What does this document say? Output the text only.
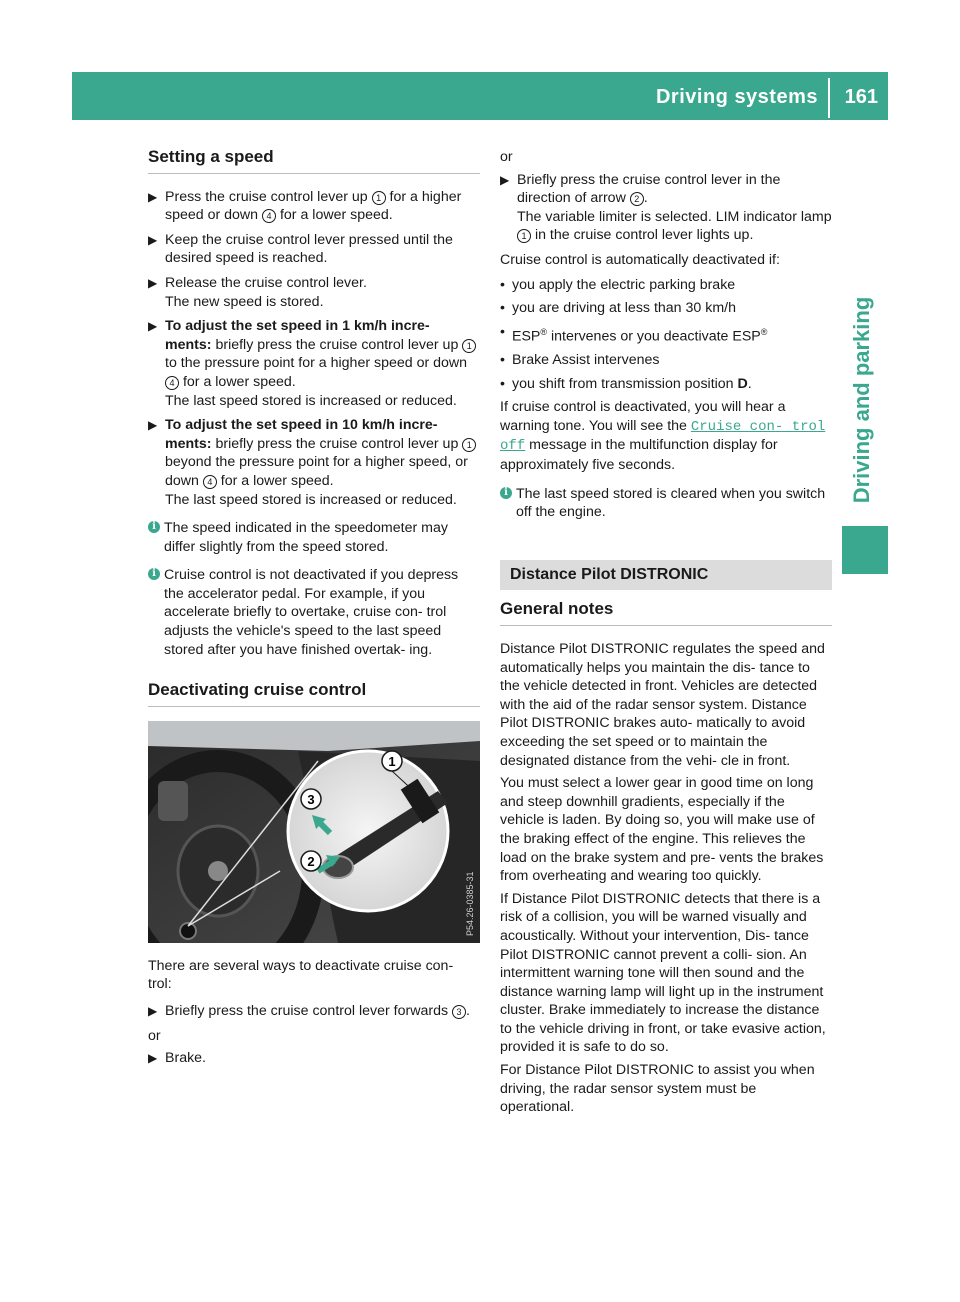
Driving systems 161
Driving and parking
Setting a speed
▶ Press the cruise control lever up 1 for a higher speed or down 4 for a lower speed.
▶ Keep the cruise control lever pressed until the desired speed is reached.
▶ Release the cruise control lever.
The new speed is stored.
▶ To adjust the set speed in 1 km/h incre- ments: briefly press the cruise control lever up 1 to the pressure point for a higher speed or down 4 for a lower speed.
The last speed stored is increased or reduced.
▶ To adjust the set speed in 10 km/h incre- ments: briefly press the cruise control lever up 1 beyond the pressure point for a higher speed, or down 4 for a lower speed.
The last speed stored is increased or reduced.
i The speed indicated in the speedometer may differ slightly from the speed stored.
i Cruise control is not deactivated if you depress the accelerator pedal. For example, if you accelerate briefly to overtake, cruise con- trol adjusts the vehicle's speed to the last speed stored after you have finished overtak- ing.
Deactivating cruise control
1
3
2
P54.26-0385-31

There are several ways to deactivate cruise con- trol:

▶ Briefly press the cruise control lever forwards 3 .

or

▶ Brake.

or

▶ Briefly press the cruise control lever in the direction of arrow 2 .
The variable limiter is selected. LIM indicator lamp 1 in the cruise control lever lights up.

Cruise control is automatically deactivated if:

• you apply the electric parking brake
• you are driving at less than 30 km/h
• ESP® intervenes or you deactivate ESP®
• Brake Assist intervenes
• you shift from transmission position D.

If cruise control is deactivated, you will hear a warning tone. You will see the Cruise con‐ trol off message in the multifunction display for approximately five seconds.

i The last speed stored is cleared when you switch off the engine.
Distance Pilot DISTRONIC
General notes

Distance Pilot DISTRONIC regulates the speed and automatically helps you maintain the dis- tance to the vehicle detected in front. Vehicles are detected with the aid of the radar sensor system. Distance Pilot DISTRONIC brakes auto- matically to avoid exceeding the set speed or to maintain the designated distance from the vehi- cle in front.

You must select a lower gear in good time on long and steep downhill gradients, especially if the vehicle is laden. By doing so, you will make use of the braking effect of the engine. This relieves the load on the brake system and pre- vents the brakes from overheating and wearing too quickly.

If Distance Pilot DISTRONIC detects that there is a risk of a collision, you will be warned visually and acoustically. Without your intervention, Dis- tance Pilot DISTRONIC cannot prevent a colli- sion. An intermittent warning tone will then sound and the distance warning lamp will light up in the instrument cluster. Brake immediately to increase the distance to the vehicle driving in front, or take evasive action, provided it is safe to do so.

For Distance Pilot DISTRONIC to assist you when driving, the radar sensor system must be operational.
